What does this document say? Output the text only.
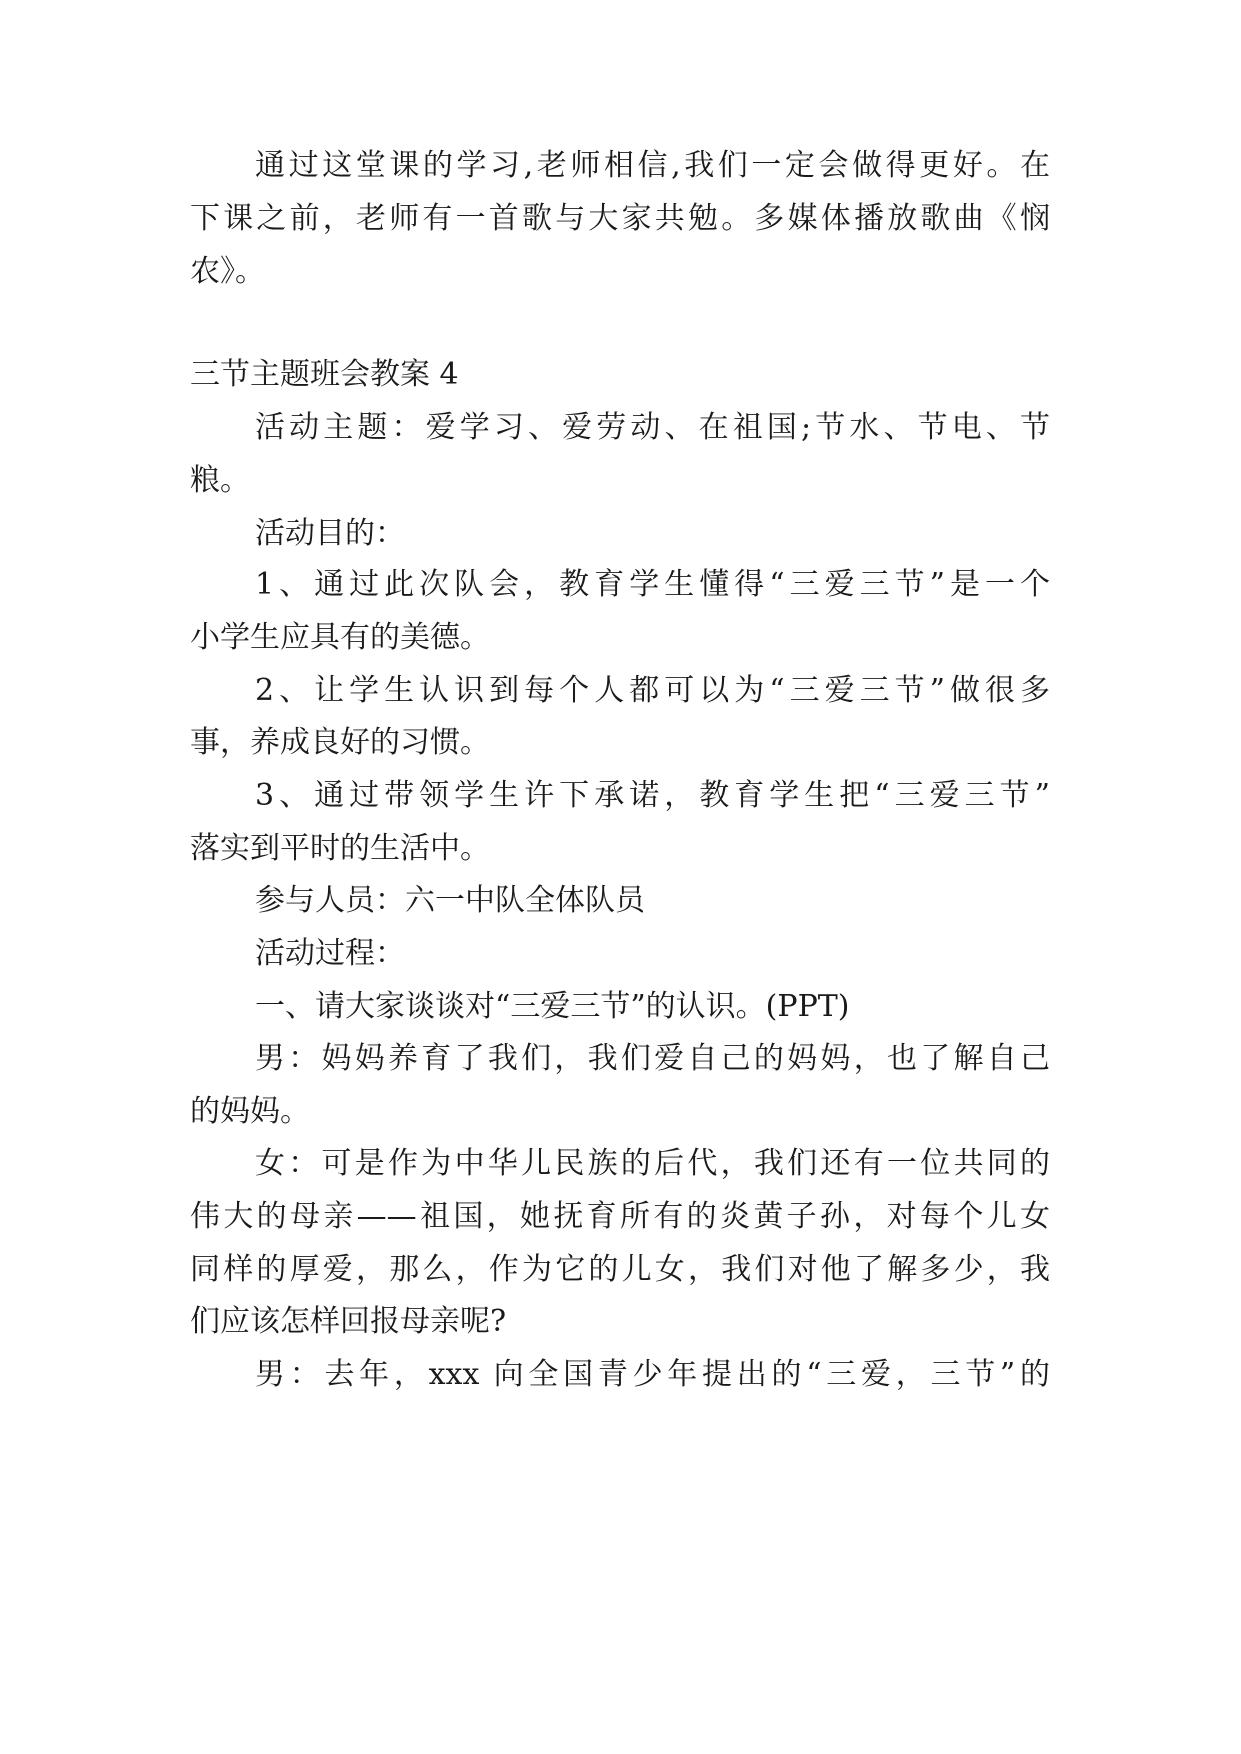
通过这堂课的学习,老师相信,我们一定会做得更好。在
下课之前，老师有一首歌与大家共勉。多媒体播放歌曲《悯
农》。
三节主题班会教案 4
活动主题：爱学习、爱劳动、在祖国;节水、节电、节
粮。
活动目的：
1、通过此次队会，教育学生懂得“三爱三节”是一个
小学生应具有的美德。
2、让学生认识到每个人都可以为“三爱三节”做很多
事，养成良好的习惯。
3、通过带领学生许下承诺，教育学生把“三爱三节”
落实到平时的生活中。
参与人员：六一中队全体队员
活动过程：
一、请大家谈谈对“三爱三节”的认识。(PPT)
男：妈妈养育了我们，我们爱自己的妈妈，也了解自己
的妈妈。
女：可是作为中华儿民族的后代，我们还有一位共同的
伟大的母亲——祖国，她抚育所有的炎黄子孙，对每个儿女
同样的厚爱，那么，作为它的儿女，我们对他了解多少，我
们应该怎样回报母亲呢?
男：去年，xxx 向全国青少年提出的“三爱，三节”的
